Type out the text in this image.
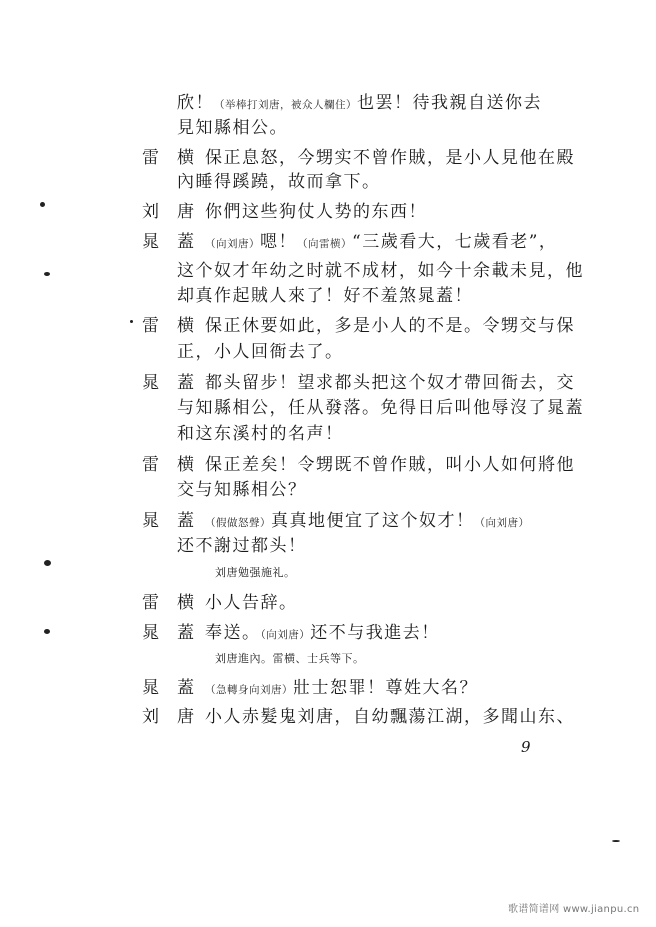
欣！（举棒打刘唐，被众人欄住）也罢！待我親自送你去
見知縣相公。
雷横
保正息怒，今甥实不曾作賊，是小人見他在殿
內睡得蹊蹺，故而拿下。
刘唐
你們这些狗仗人势的东西！
晁蓋
（向刘唐）嗯！（向雷横）“三歲看大，七歲看老”，
这个奴才年幼之时就不成材，如今十余載未見，他
却真作起賊人來了！好不羞煞晁蓋！
雷横
保正休要如此，多是小人的不是。令甥交与保
正，小人回衙去了。
晁蓋
都头留步！望求都头把这个奴才帶回衙去，交
与知縣相公，任从發落。免得日后叫他辱沒了晁蓋
和这东溪村的名声！
雷横
保正差矣！令甥既不曾作賊，叫小人如何將他
交与知縣相公？
晁蓋
（假做怒聲）真真地便宜了这个奴才！（向刘唐）
还不謝过都头！
刘唐勉强施礼。
雷横
小人告辞。
晁蓋
奉送。（向刘唐）还不与我進去！
刘唐進內。雷横、士兵等下。
晁蓋
（急轉身向刘唐）壯士恕罪！尊姓大名？
刘唐
小人赤髮鬼刘唐，自幼飄蕩江湖，多聞山东、
9
歌谱简谱网 www.jianpu.cn
